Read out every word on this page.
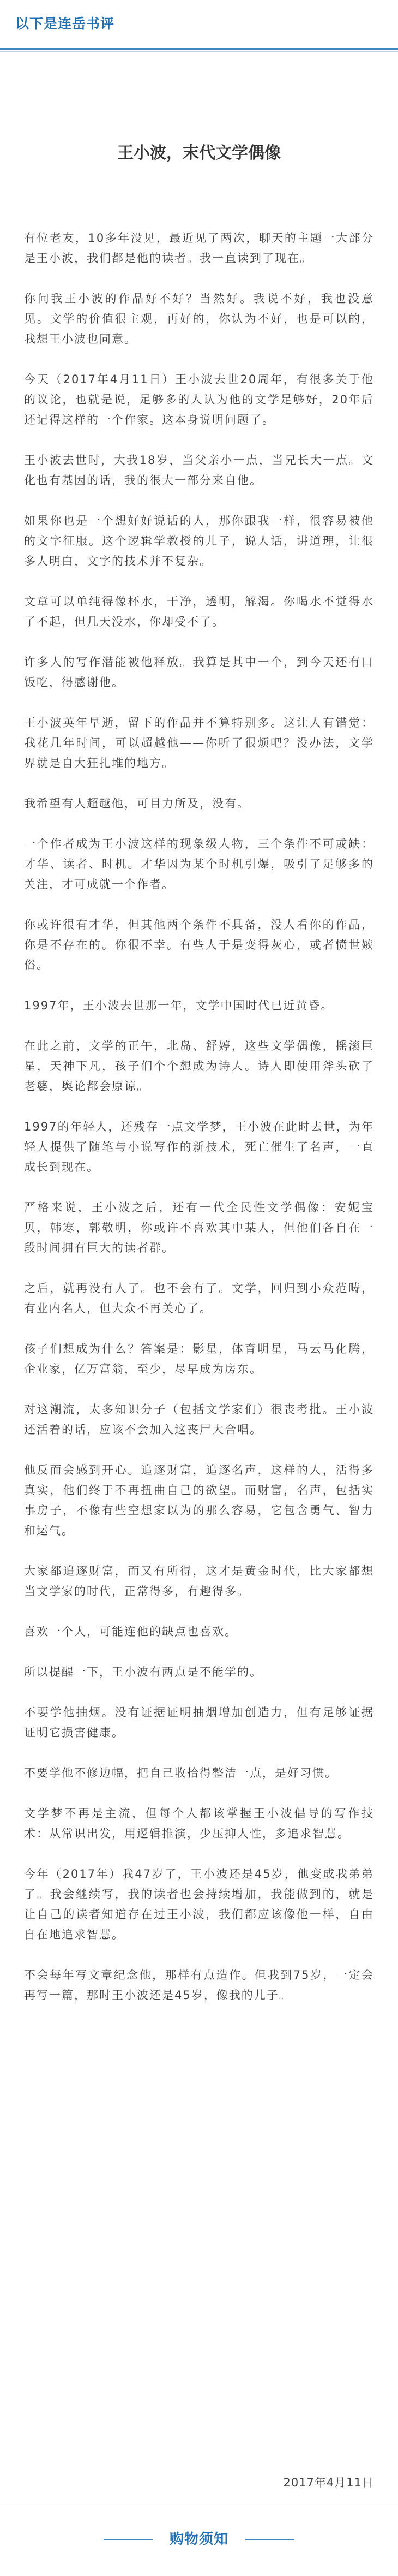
以下是连岳书评
王小波，末代文学偶像

有位老友，10多年没见，最近见了两次，聊天的主题一大部分是王小波，我们都是他的读者。我一直读到了现在。

你问我王小波的作品好不好？当然好。我说不好，我也没意见。文学的价值很主观，再好的，你认为不好，也是可以的，我想王小波也同意。

今天（2017年4月11日）王小波去世20周年，有很多关于他的议论，也就是说，足够多的人认为他的文学足够好，20年后还记得这样的一个作家。这本身说明问题了。

王小波去世时，大我18岁，当父亲小一点，当兄长大一点。文化也有基因的话，我的很大一部分来自他。

如果你也是一个想好好说话的人，那你跟我一样，很容易被他的文字征服。这个逻辑学教授的儿子，说人话，讲道理，让很多人明白，文字的技术并不复杂。

文章可以单纯得像杯水，干净，透明，解渴。你喝水不觉得水了不起，但几天没水，你却受不了。

许多人的写作潜能被他释放。我算是其中一个，到今天还有口饭吃，得感谢他。

王小波英年早逝，留下的作品并不算特别多。这让人有错觉：我花几年时间，可以超越他——你听了很烦吧？没办法，文学界就是自大狂扎堆的地方。

我希望有人超越他，可目力所及，没有。

一个作者成为王小波这样的现象级人物，三个条件不可或缺：才华、读者、时机。才华因为某个时机引爆，吸引了足够多的关注，才可成就一个作者。

你或许很有才华，但其他两个条件不具备，没人看你的作品，你是不存在的。你很不幸。有些人于是变得灰心，或者愤世嫉俗。

1997年，王小波去世那一年，文学中国时代已近黄昏。

在此之前，文学的正午，北岛、舒婷，这些文学偶像，摇滚巨星，天神下凡，孩子们个个想成为诗人。诗人即使用斧头砍了老婆，舆论都会原谅。

1997的年轻人，还残存一点文学梦，王小波在此时去世，为年轻人提供了随笔与小说写作的新技术，死亡催生了名声，一直成长到现在。

严格来说，王小波之后，还有一代全民性文学偶像：安妮宝贝，韩寒，郭敬明，你或许不喜欢其中某人，但他们各自在一段时间拥有巨大的读者群。

之后，就再没有人了。也不会有了。文学，回归到小众范畴，有业内名人，但大众不再关心了。

孩子们想成为什么？答案是：影星，体育明星，马云马化腾，企业家，亿万富翁，至少，尽早成为房东。

对这潮流，太多知识分子（包括文学家们）很丧考批。王小波还活着的话，应该不会加入这丧尸大合唱。

他反而会感到开心。追逐财富，追逐名声，这样的人，活得多真实，他们终于不再扭曲自己的欲望。而财富，名声，包括实事房子，不像有些空想家以为的那么容易，它包含勇气、智力和运气。

大家都追逐财富，而又有所得，这才是黄金时代，比大家都想当文学家的时代，正常得多，有趣得多。

喜欢一个人，可能连他的缺点也喜欢。

所以提醒一下，王小波有两点是不能学的。

不要学他抽烟。没有证据证明抽烟增加创造力，但有足够证据证明它损害健康。

不要学他不修边幅，把自己收拾得整洁一点，是好习惯。

文学梦不再是主流，但每个人都该掌握王小波倡导的写作技术：从常识出发，用逻辑推演，少压抑人性，多追求智慧。

今年（2017年）我47岁了，王小波还是45岁，他变成我弟弟了。我会继续写，我的读者也会持续增加，我能做到的，就是让自己的读者知道存在过王小波，我们都应该像他一样，自由自在地追求智慧。

不会每年写文章纪念他，那样有点造作。但我到75岁，一定会再写一篇，那时王小波还是45岁，像我的儿子。

2017年4月11日
购物须知
